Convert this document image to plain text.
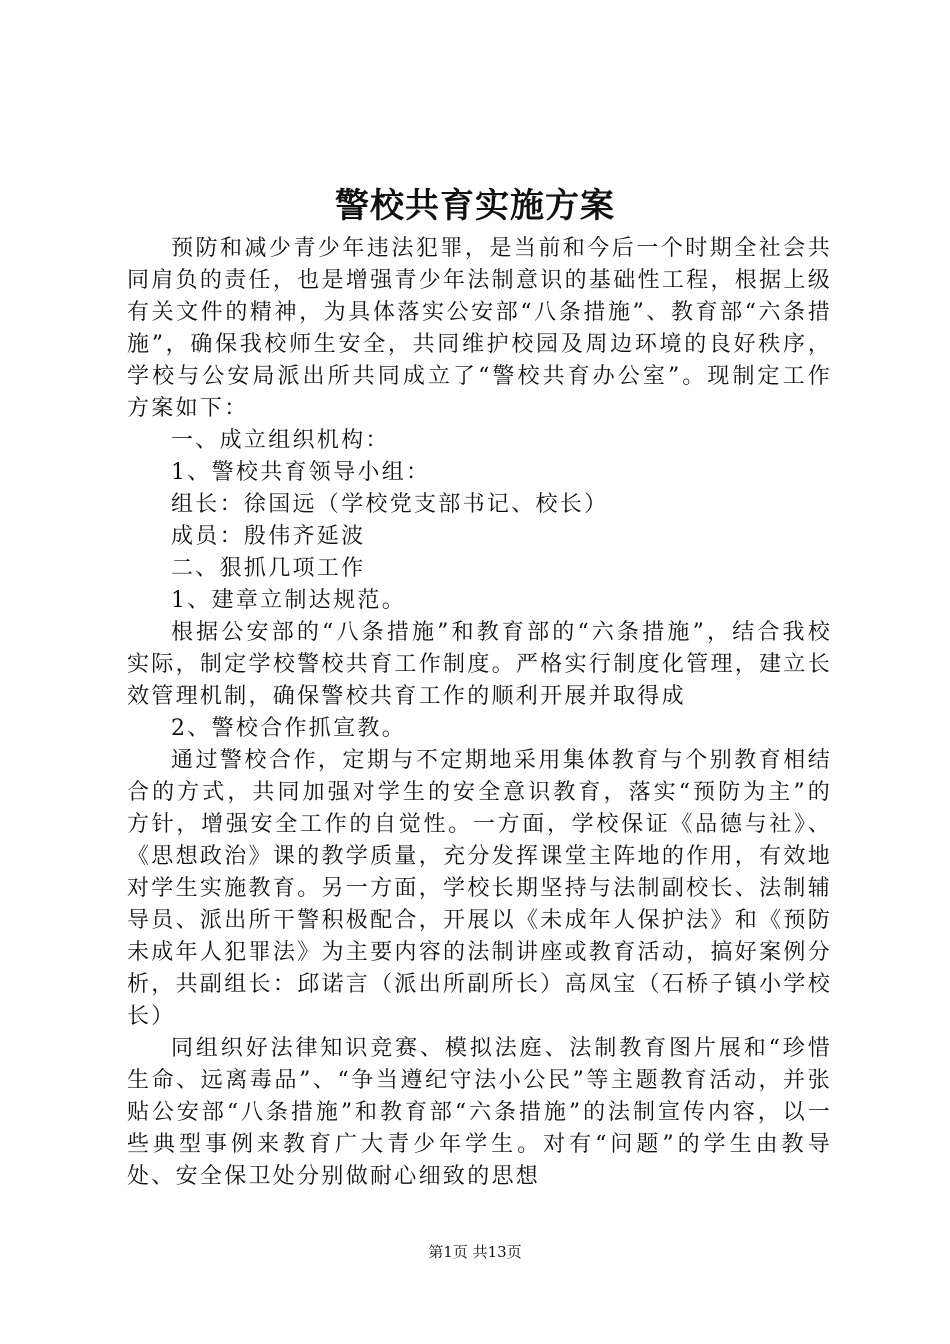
警校共育实施方案

预防和减少青少年违法犯罪，是当前和今后一个时期全社会共同肩负的责任，也是增强青少年法制意识的基础性工程，根据上级有关文件的精神，为具体落实公安部“八条措施”、教育部“六条措施”，确保我校师生安全，共同维护校园及周边环境的良好秩序，学校与公安局派出所共同成立了“警校共育办公室”。现制定工作方案如下：

一、成立组织机构：

1、警校共育领导小组：

组长：徐国远（学校党支部书记、校长）

成员：殷伟齐延波

二、狠抓几项工作

1、建章立制达规范。

根据公安部的“八条措施”和教育部的“六条措施”，结合我校实际，制定学校警校共育工作制度。严格实行制度化管理，建立长效管理机制，确保警校共育工作的顺利开展并取得成

2、警校合作抓宣教。

通过警校合作，定期与不定期地采用集体教育与个别教育相结合的方式，共同加强对学生的安全意识教育，落实“预防为主”的方针，增强安全工作的自觉性。一方面，学校保证《品德与社》、《思想政治》课的教学质量，充分发挥课堂主阵地的作用，有效地对学生实施教育。另一方面，学校长期坚持与法制副校长、法制辅导员、派出所干警积极配合，开展以《未成年人保护法》和《预防未成年人犯罪法》为主要内容的法制讲座或教育活动，搞好案例分析，共副组长：邱诺言（派出所副所长）高凤宝（石桥子镇小学校长）

同组织好法律知识竞赛、模拟法庭、法制教育图片展和“珍惜生命、远离毒品”、“争当遵纪守法小公民”等主题教育活动，并张贴公安部“八条措施”和教育部“六条措施”的法制宣传内容，以一些典型事例来教育广大青少年学生。对有“问题”的学生由教导处、安全保卫处分别做耐心细致的思想

第1页 共13页
